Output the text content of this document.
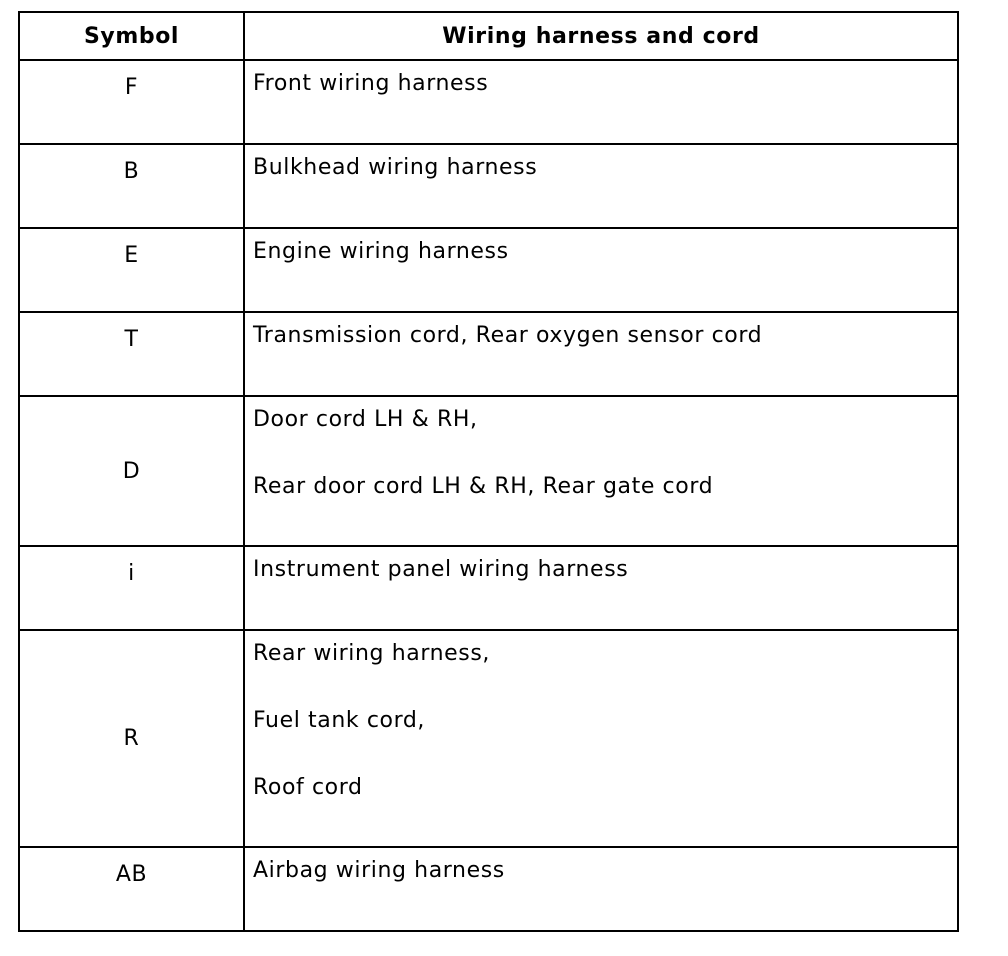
Symbol	Wiring harness and cord
F	Front wiring harness

B	Bulkhead wiring harness

E	Engine wiring harness

T	Transmission cord, Rear oxygen sensor cord

D	Door cord LH & RH,
Rear door cord LH & RH, Rear gate cord

i	Instrument panel wiring harness

R	Rear wiring harness,
Fuel tank cord,
Roof cord

AB	Airbag wiring harness
